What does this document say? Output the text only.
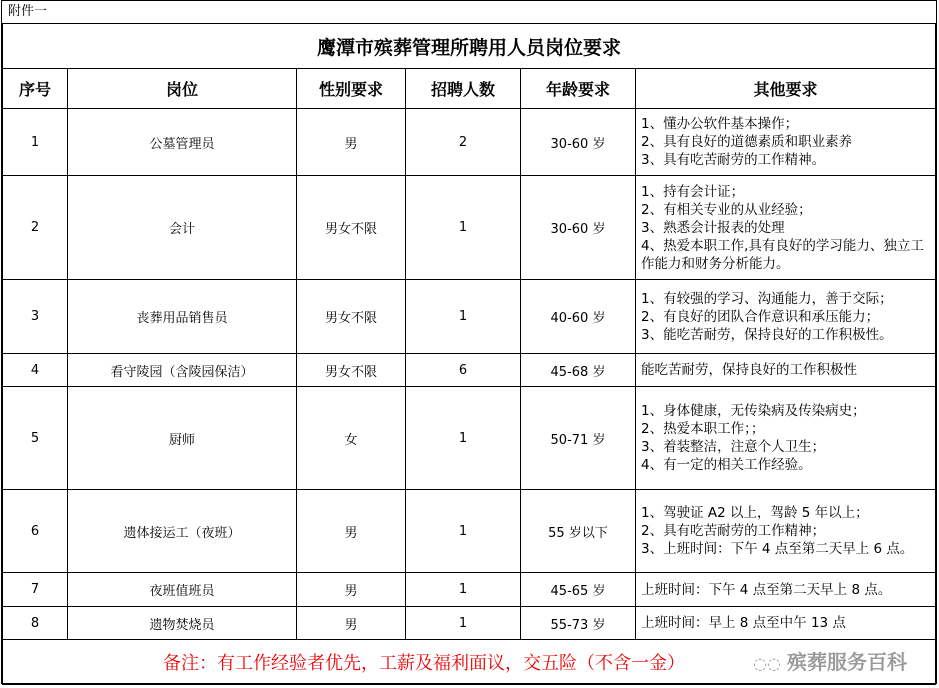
附件一
鹰潭市殡葬管理所聘用人员岗位要求					
序号	岗位	性别要求	招聘人数	年龄要求	其他要求
1	公墓管理员	男	2	30-60 岁	1、懂办公软件基本操作；
2、具有良好的道德素质和职业素养
3、具有吃苦耐劳的工作精神。

2	会计	男女不限	1	30-60 岁	1、持有会计证；
2、有相关专业的从业经验；
3、熟悉会计报表的处理
4、热爱本职工作,具有良好的学习能力、独立工作能力和财务分析能力。

3	丧葬用品销售员	男女不限	1	40-60 岁	1、有较强的学习、沟通能力，善于交际；
2、有良好的团队合作意识和承压能力；
3、能吃苦耐劳，保持良好的工作积极性。

4	看守陵园（含陵园保洁）	男女不限	6	45-68 岁	能吃苦耐劳，保持良好的工作积极性

5	厨师	女	1	50-71 岁	1、身体健康，无传染病及传染病史；
2、热爱本职工作；；
3、着装整洁，注意个人卫生；
4、有一定的相关工作经验。

6	遗体接运工（夜班）	男	1	55 岁以下	1、驾驶证 A2 以上，驾龄 5 年以上；
2、具有吃苦耐劳的工作精神；
3、上班时间：下午 4 点至第二天早上 6 点。

7	夜班值班员	男	1	45-65 岁	上班时间：下午 4 点至第二天早上 8 点。

8	遗物焚烧员	男	1	55-73 岁	上班时间：早上 8 点至中午 13 点

备注：有工作经验者优先，工薪及福利面议，交五险（不含一金） ◌◌ 殡葬服务百科					
